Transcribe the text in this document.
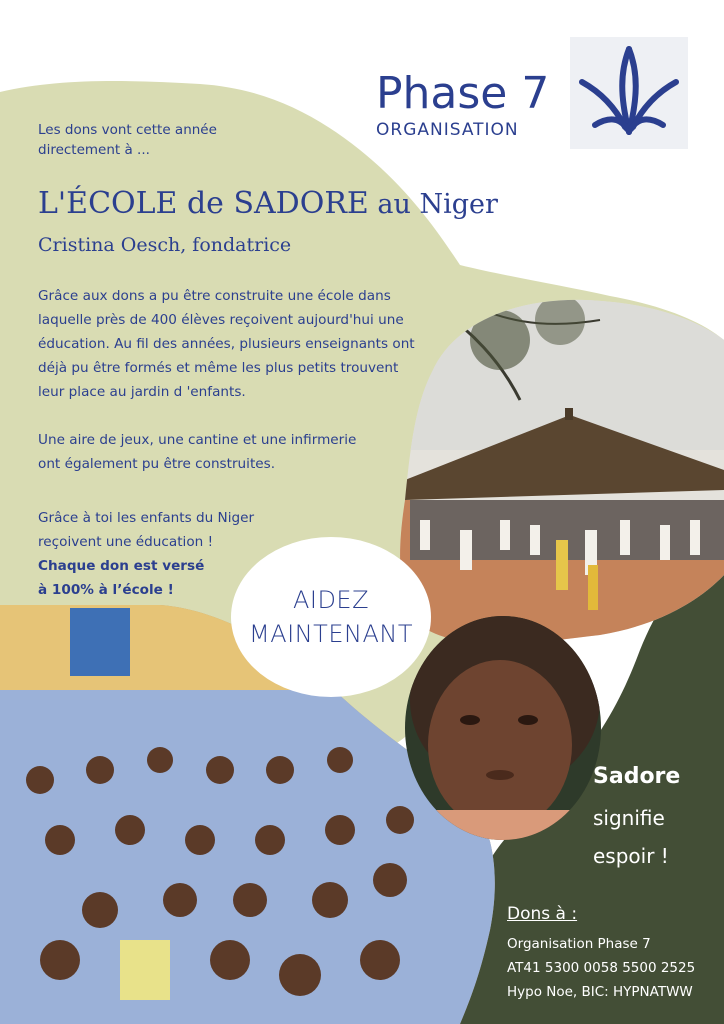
Phase 7
ORGANISATION
Les dons vont cette année
directement à ...
L'ÉCOLE de SADORE au Niger
Cristina Oesch, fondatrice
Grâce aux dons a pu être construite une école dans
laquelle près de 400 élèves reçoivent aujourd'hui une
éducation. Au fil des années, plusieurs enseignants ont
déjà pu être formés et même les plus petits trouvent
leur place au jardin d 'enfants.
Une aire de jeux, une cantine et une infirmerie
ont également pu être construites.
Grâce à toi les enfants du Niger
reçoivent une éducation !
Chaque don est versé
à 100% à l’école !	AIDEZ
MAINTENANT
Sadore
signifie
espoir !
Dons à :
Organisation Phase 7
AT41 5300 0058 5500 2525
Hypo Noe, BIC: HYPNATWW
